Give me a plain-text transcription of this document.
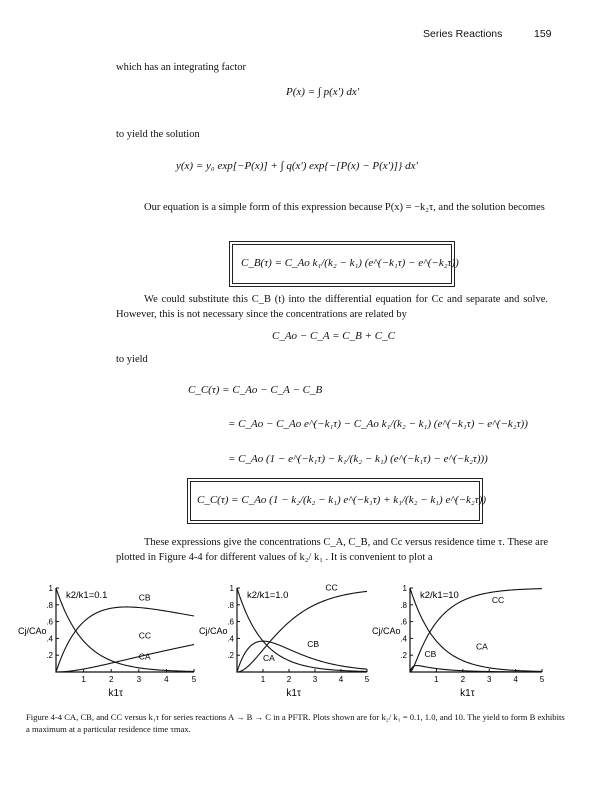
Series Reactions	159
which has an integrating factor
P(x) = ∫ p(x') dx'
to yield the solution
y(x) = y₀ exp[−P(x)] + ∫ q(x') exp{−[P(x) − P(x')]} dx'
Our equation is a simple form of this expression because P(x) = −k₂τ, and the solution becomes
C_B(τ) = C_Ao k₁/(k₂ − k₁) (e^(−k₁τ) − e^(−k₂τ))
We could substitute this C_B (t) into the differential equation for Cc and separate and solve. However, this is not necessary since the concentrations are related by
C_Ao − C_A = C_B + C_C
to yield
C_C(τ) = C_Ao − C_A − C_B
= C_Ao − C_Ao e^(−k₁τ) − C_Ao k₁/(k₂ − k₁) (e^(−k₁τ) − e^(−k₂τ))
= C_Ao (1 − e^(−k₁τ) − k₁/(k₂ − k₁) (e^(−k₁τ) − e^(−k₂τ)))
C_C(τ) = C_Ao (1 − k₂/(k₂ − k₁) e^(−k₁τ) + k₁/(k₂ − k₁) e^(−k₂τ))
These expressions give the concentrations C_A, C_B, and Cc versus residence time τ. These are plotted in Figure 4-4 for different values of k₂/ k₁ . It is convenient to plot a
.2
.4
.6
.8
1
1	2	3	4	5
k1τ
Cj/CAo
k2/k1=0.1	CB
CC
CA	.2
.4
.6
.8
1
1	2	3	4	5
k1τ
Cj/CAo
k2/k1=1.0
CC
CB
CA	.2
.4
.6
.8
1
1	2	3	4	5
k1τ
Cj/CAo
k2/k1=10	CC
CA
CB
Figure 4-4 CA, CB, and CC versus k₁τ for series reactions A → B → C in a PFTR. Plots shown are for k₂/ k₁ = 0.1, 1.0, and 10. The yield to form B exhibits a maximum at a particular residence time τmax.
